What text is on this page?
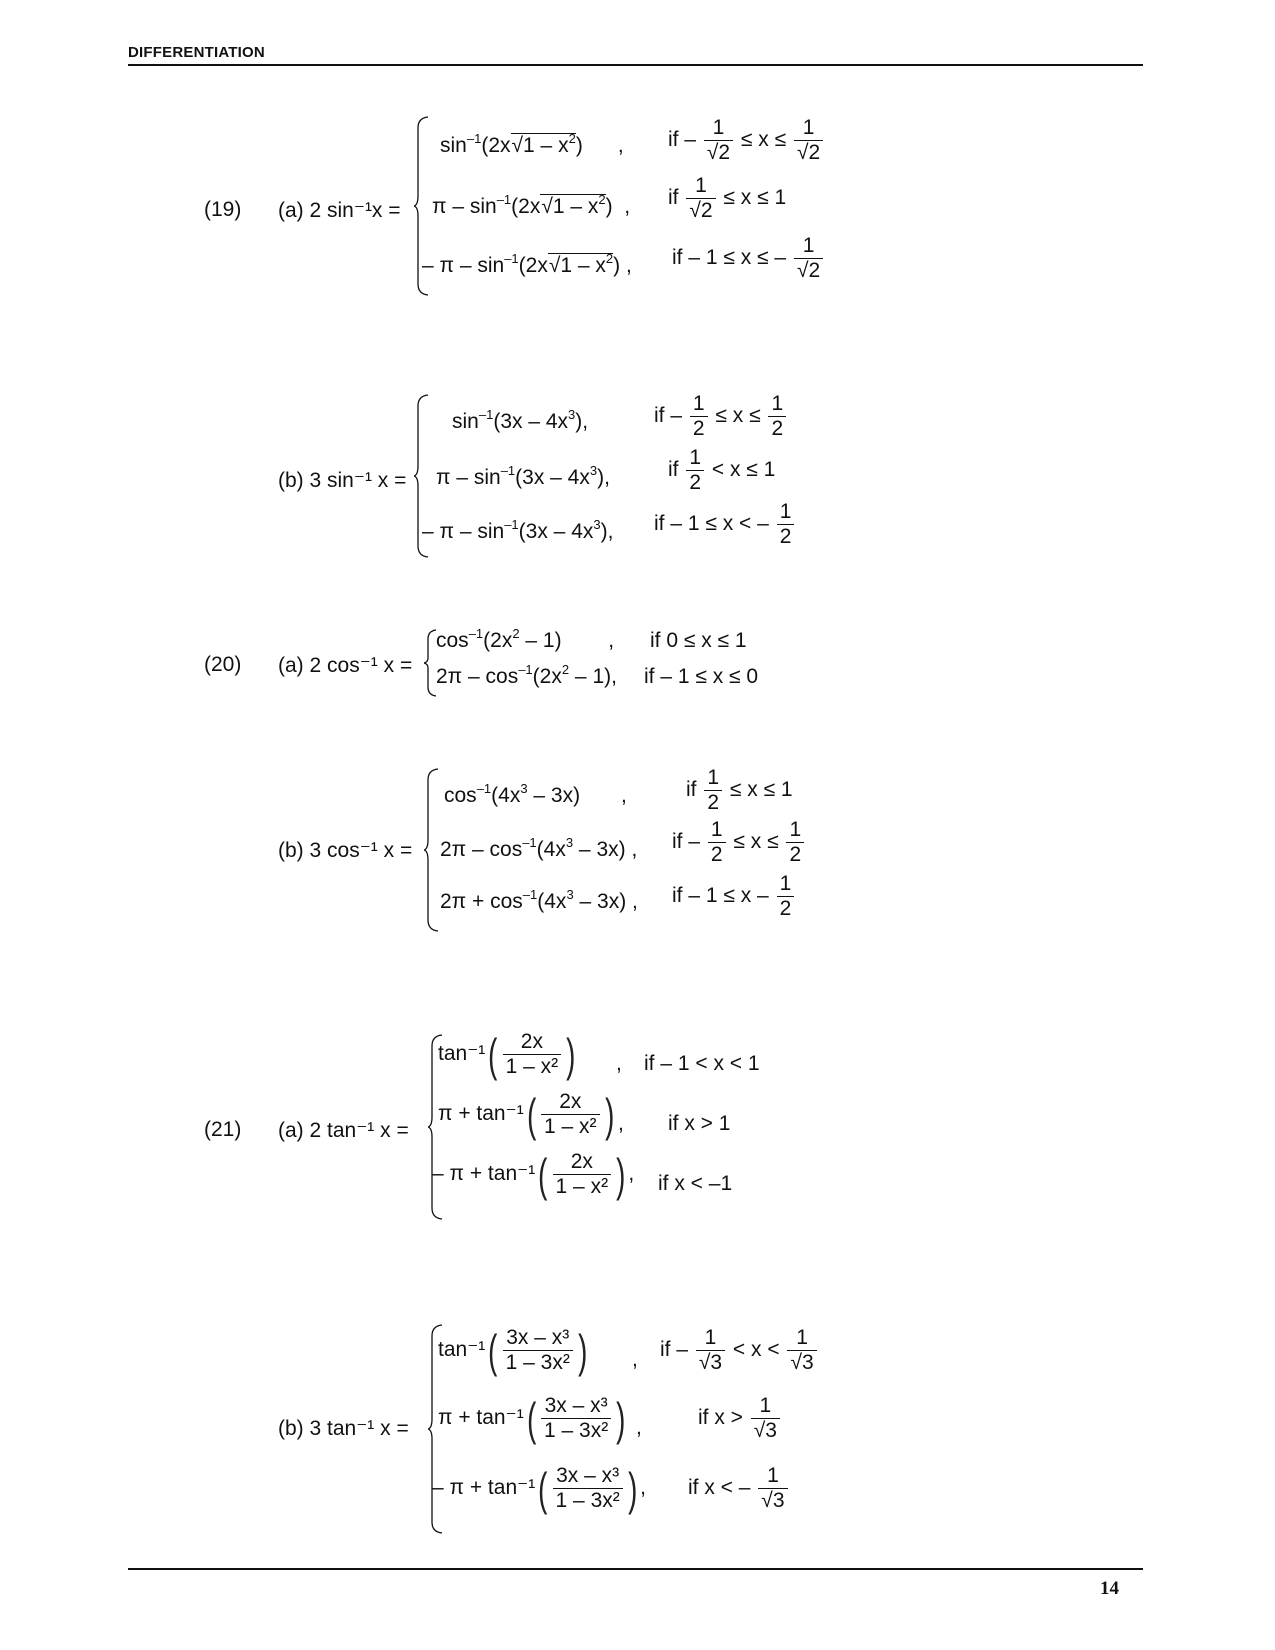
DIFFERENTIATION
(19) (a) 2 sin⁻¹x =
$\sin^{-1}(2x√1 - x^2)$      , if – $\frac{1}{√2} \le x \le \frac{1}{√2}$
π – $\sin^{-1}(2x√1 - x^2)$  , if $\frac{1}{√2} \le x \le 1$
– π – $\sin^{-1}(2x√1 - x^2)$ , if – 1 ≤ x ≤ – $\frac{1}{√2}$
(b) 3 sin⁻¹ x =
$\sin^{-1}(3x - 4x^3)$,	if – $\frac{1}{2} \le x \le \frac{1}{2}$
π – $\sin^{-1}(3x - 4x^3)$,	if $\frac{1}{2} < x \le 1$
– π – $\sin^{-1}(3x - 4x^3)$, if – 1 ≤ x < – $\frac{1}{2}$
(20) (a) 2 cos⁻¹ x =
$\cos^{-1}(2x^2 - 1)$        , if 0 ≤ x ≤ 1
$2\pi - \cos^{-1}(2x^2 - 1)$, if – 1 ≤ x ≤ 0
(b) 3 cos⁻¹ x =
$\cos^{-1}(4x^3 - 3x)$       ,	if $\frac{1}{2} \le x \le 1$
$2\pi - \cos^{-1}(4x^3 - 3x)$ , if – $\frac{1}{2} \le x \le \frac{1}{2}$
$2\pi + \cos^{-1}(4x^3 - 3x)$ , if – $1 \le x - \frac{1}{2}$
(21) (a) 2 tan⁻¹ x =
$\tan^{-1}( \frac{2x}{\text{1 – x²}}$ ) , if – 1 < x < 1
$\pi + \tan^{-1}( \frac{2x}{\text{1 – x²}}$ ) , if x > 1
– $\pi + \tan^{-1}( \frac{2x}{\text{1 – x²}}$ ) , if x < –1
(b) 3 tan⁻¹ x =
$\tan^{-1}( \frac{\text{3x – x³}}{\text{1 – 3x²}}$ ) , if – $\frac{1}{√3} < x < \frac{1}{√3}$
$\pi + \tan^{-1}( \frac{\text{3x – x³}}{\text{1 – 3x²}}$ ) ,	if $x > \frac{1}{√3}$
– $\pi + \tan^{-1}( \frac{\text{3x – x³}}{\text{1 – 3x²}}$ ) , if x < – $\frac{1}{√3}$
14
